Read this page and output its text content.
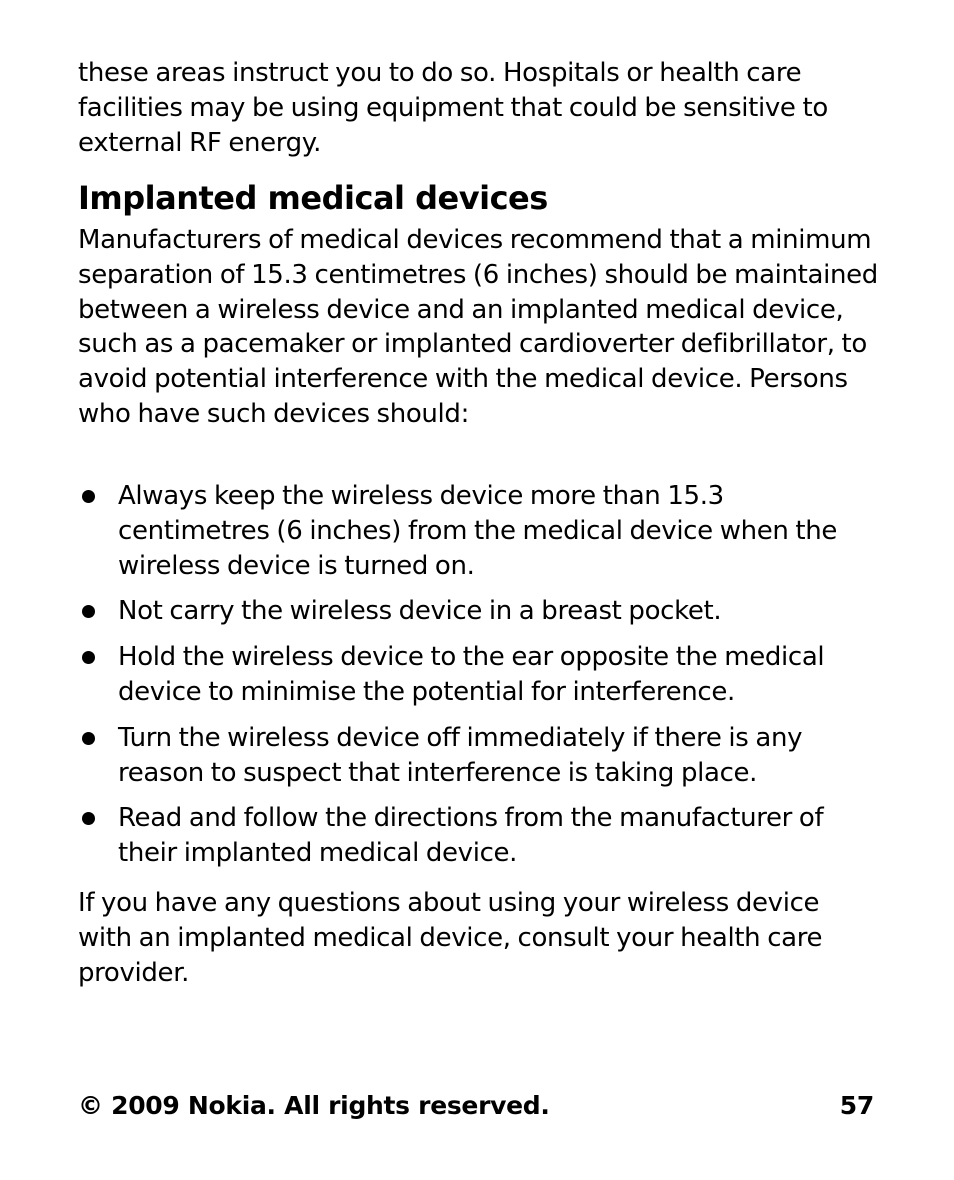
these areas instruct you to do so. Hospitals or health care facilities may be using equipment that could be sensitive to external RF energy.

Implanted medical devices

Manufacturers of medical devices recommend that a minimum separation of 15.3 centimetres (6 inches) should be maintained between a wireless device and an implanted medical device, such as a pacemaker or implanted cardioverter defibrillator, to avoid potential interference with the medical device. Persons who have such devices should:

Always keep the wireless device more than 15.3 centimetres (6 inches) from the medical device when the wireless device is turned on.
Not carry the wireless device in a breast pocket.
Hold the wireless device to the ear opposite the medical device to minimise the potential for interference.
Turn the wireless device off immediately if there is any reason to suspect that interference is taking place.
Read and follow the directions from the manufacturer of their implanted medical device.

If you have any questions about using your wireless device with an implanted medical device, consult your health care provider.

© 2009 Nokia. All rights reserved.	57
